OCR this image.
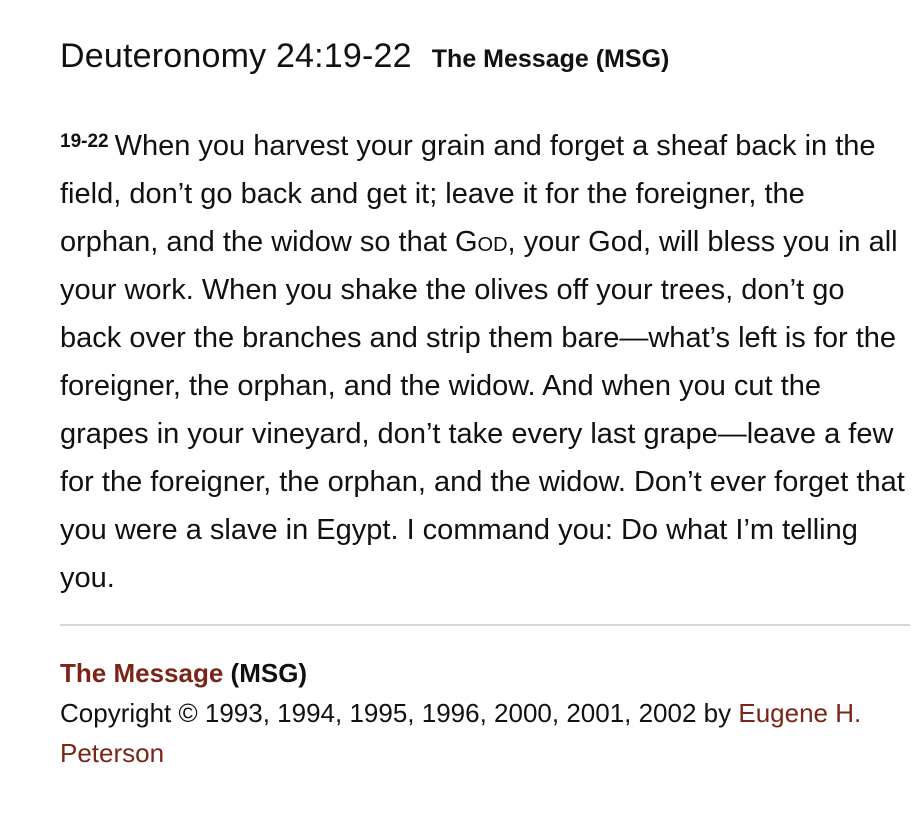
Deuteronomy 24:19-22 The Message (MSG)
$^{19-22}$ When you harvest your grain and forget a sheaf back in the field, don’t go back and get it; leave it for the foreigner, the orphan, and the widow so that God, your God, will bless you in all your work. When you shake the olives off your trees, don’t go back over the branches and strip them bare—what’s left is for the foreigner, the orphan, and the widow. And when you cut the grapes in your vineyard, don’t take every last grape—leave a few for the foreigner, the orphan, and the widow. Don’t ever forget that you were a slave in Egypt. I command you: Do what I’m telling you.
The Message (MSG)
Copyright © 1993, 1994, 1995, 1996, 2000, 2001, 2002 by Eugene H. Peterson
